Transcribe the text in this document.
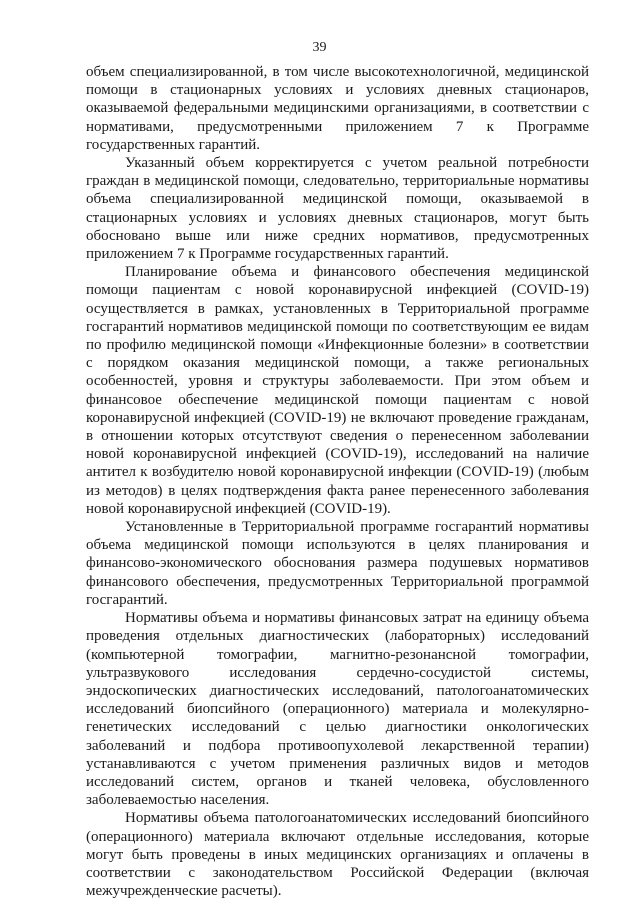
39

объем специализированной, в том числе высокотехнологичной, медицинской помощи в стационарных условиях и условиях дневных стационаров, оказываемой федеральными медицинскими организациями, в соответствии с нормативами, предусмотренными приложением 7 к Программе государственных гарантий.

Указанный объем корректируется с учетом реальной потребности граждан в медицинской помощи, следовательно, территориальные нормативы объема специализированной медицинской помощи, оказываемой в стационарных условиях и условиях дневных стационаров, могут быть обосновано выше или ниже средних нормативов, предусмотренных приложением 7 к Программе государственных гарантий.

Планирование объема и финансового обеспечения медицинской помощи пациентам с новой коронавирусной инфекцией (COVID-19) осуществляется в рамках, установленных в Территориальной программе госгарантий нормативов медицинской помощи по соответствующим ее видам по профилю медицинской помощи «Инфекционные болезни» в соответствии с порядком оказания медицинской помощи, а также региональных особенностей, уровня и структуры заболеваемости. При этом объем и финансовое обеспечение медицинской помощи пациентам с новой коронавирусной инфекцией (COVID-19) не включают проведение гражданам, в отношении которых отсутствуют сведения о перенесенном заболевании новой коронавирусной инфекцией (COVID-19), исследований на наличие антител к возбудителю новой коронавирусной инфекции (COVID-19) (любым из методов) в целях подтверждения факта ранее перенесенного заболевания новой коронавирусной инфекцией (COVID-19).

Установленные в Территориальной программе госгарантий нормативы объема медицинской помощи используются в целях планирования и финансово-экономического обоснования размера подушевых нормативов финансового обеспечения, предусмотренных Территориальной программой госгарантий.

Нормативы объема и нормативы финансовых затрат на единицу объема проведения отдельных диагностических (лабораторных) исследований (компьютерной томографии, магнитно-резонансной томографии, ультразвукового исследования сердечно-сосудистой системы, эндоскопических диагностических исследований, патологоанатомических исследований биопсийного (операционного) материала и молекулярно-генетических исследований с целью диагностики онкологических заболеваний и подбора противоопухолевой лекарственной терапии) устанавливаются с учетом применения различных видов и методов исследований систем, органов и тканей человека, обусловленного заболеваемостью населения.

Нормативы объема патологоанатомических исследований биопсийного (операционного) материала включают отдельные исследования, которые могут быть проведены в иных медицинских организациях и оплачены в соответствии с законодательством Российской Федерации (включая межучрежденческие расчеты).
